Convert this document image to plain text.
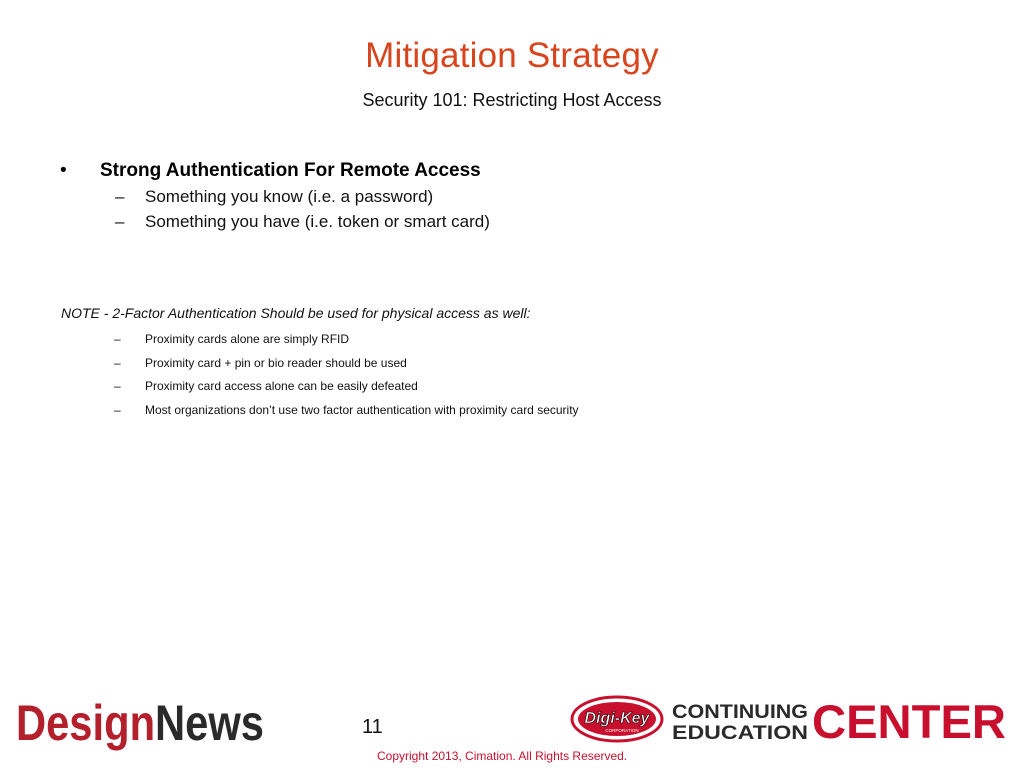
Mitigation Strategy
Security 101: Restricting Host Access
• Strong Authentication For Remote Access
– Something you know (i.e. a password)
– Something you have (i.e. token or smart card)
NOTE - 2-Factor Authentication Should be used for physical access as well:
– Proximity cards alone are simply RFID
– Proximity card + pin or bio reader should be used
– Proximity card access alone can be easily defeated
– Most organizations don’t use two factor authentication with proximity card security
DesignNews	11
Copyright 2013, Cimation. All Rights Reserved.
Digi-Key
CORPORATION
CONTINUING
EDUCATION CENTER
